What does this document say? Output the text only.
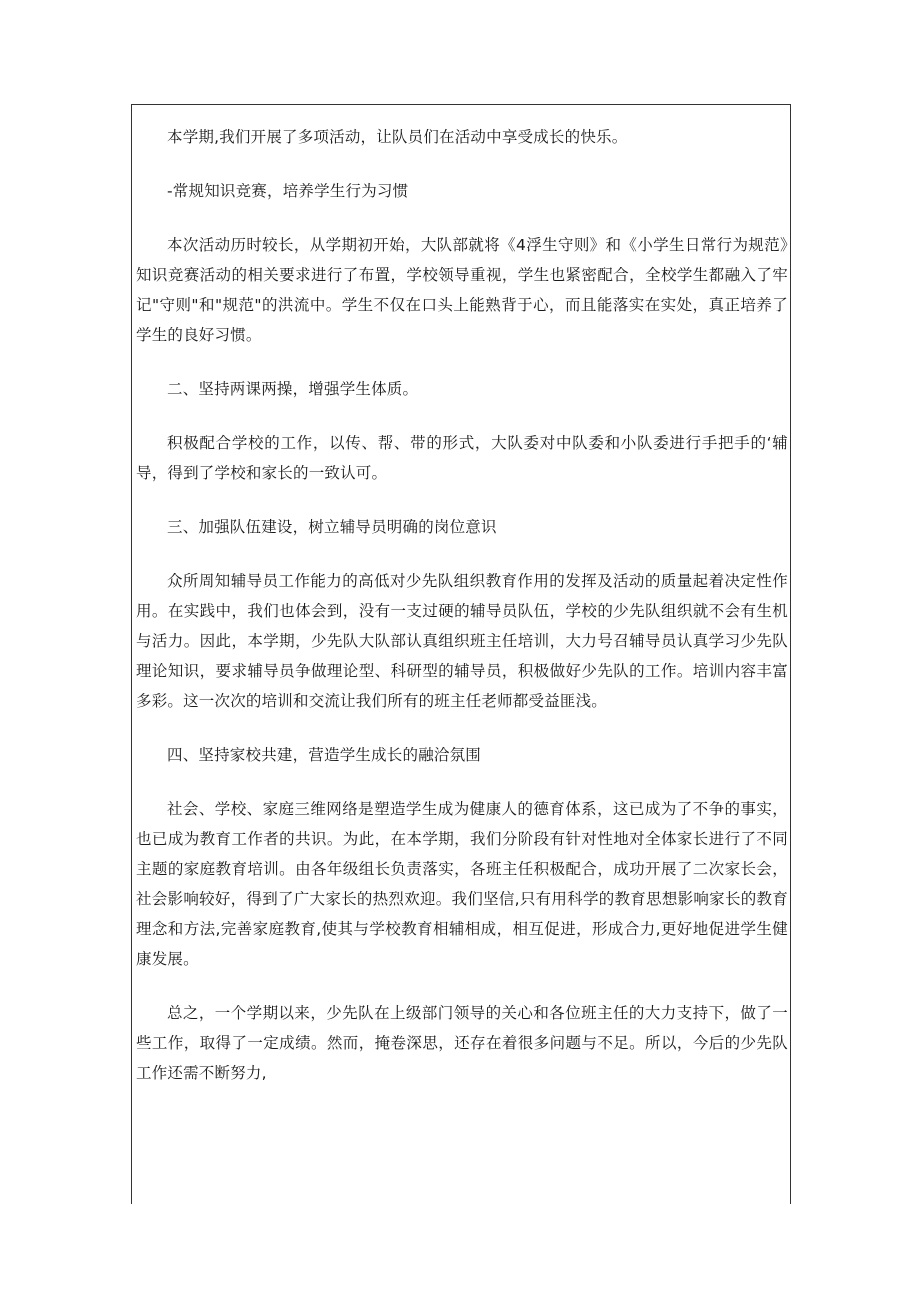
本学期,我们开展了多项活动，让队员们在活动中享受成长的快乐。

-常规知识竞赛，培养学生行为习惯

本次活动历时较长，从学期初开始，大队部就将《4浮生守则》和《小学生日常行为规范》知识竞赛活动的相关要求进行了布置，学校领导重视，学生也紧密配合，全校学生都融入了牢记"守则"和"规范"的洪流中。学生不仅在口头上能熟背于心，而且能落实在实处，真正培养了学生的良好习惯。

二、坚持两课两操，增强学生体质。

积极配合学校的工作，以传、帮、带的形式，大队委对中队委和小队委进行手把手的‘辅导，得到了学校和家长的一致认可。

三、加强队伍建设，树立辅导员明确的岗位意识

众所周知辅导员工作能力的高低对少先队组织教育作用的发挥及活动的质量起着决定性作用。在实践中，我们也体会到，没有一支过硬的辅导员队伍，学校的少先队组织就不会有生机与活力。因此，本学期，少先队大队部认真组织班主任培训，大力号召辅导员认真学习少先队理论知识，要求辅导员争做理论型、科研型的辅导员，积极做好少先队的工作。培训内容丰富多彩。这一次次的培训和交流让我们所有的班主任老师都受益匪浅。

四、坚持家校共建，营造学生成长的融洽氛围

社会、学校、家庭三维网络是塑造学生成为健康人的德育体系，这已成为了不争的事实，也已成为教育工作者的共识。为此，在本学期，我们分阶段有针对性地对全体家长进行了不同主题的家庭教育培训。由各年级组长负责落实，各班主任积极配合，成功开展了二次家长会，社会影响较好，得到了广大家长的热烈欢迎。我们坚信,只有用科学的教育思想影响家长的教育理念和方法,完善家庭教育,使其与学校教育相辅相成，相互促进，形成合力,更好地促进学生健康发展。

总之，一个学期以来，少先队在上级部门领导的关心和各位班主任的大力支持下，做了一些工作，取得了一定成绩。然而，掩卷深思，还存在着很多问题与不足。所以，今后的少先队工作还需不断努力,
